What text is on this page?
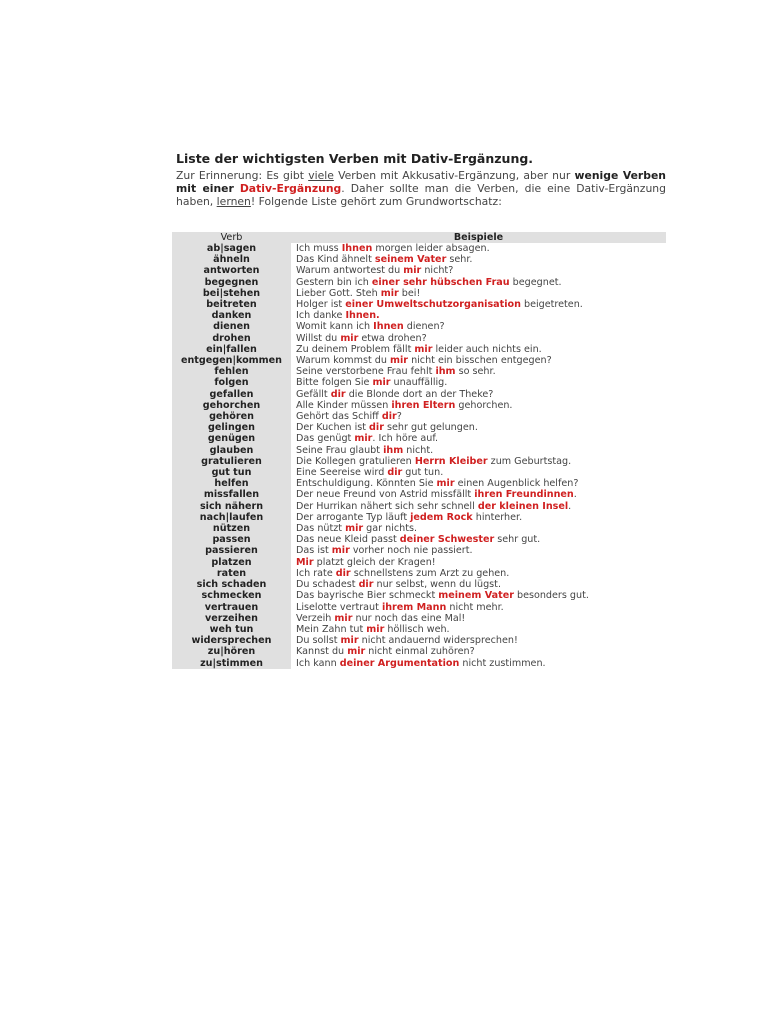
Liste der wichtigsten Verben mit Dativ-Ergänzung.

Zur Erinnerung: Es gibt viele Verben mit Akkusativ-Ergänzung, aber nur wenige Verben mit einer Dativ-Ergänzung. Daher sollte man die Verben, die eine Dativ-Ergänzung haben, lernen! Folgende Liste gehört zum Grundwortschatz:

Verb	Beispiele
ab|sagen	Ich muss Ihnen morgen leider absagen.
ähneln	Das Kind ähnelt seinem Vater sehr.
antworten	Warum antwortest du mir nicht?
begegnen	Gestern bin ich einer sehr hübschen Frau begegnet.
bei|stehen	Lieber Gott. Steh mir bei!
beitreten	Holger ist einer Umweltschutzorganisation beigetreten.
danken	Ich danke Ihnen.
dienen	Womit kann ich Ihnen dienen?
drohen	Willst du mir etwa drohen?
ein|fallen	Zu deinem Problem fällt mir leider auch nichts ein.
entgegen|kommen	Warum kommst du mir nicht ein bisschen entgegen?
fehlen	Seine verstorbene Frau fehlt ihm so sehr.
folgen	Bitte folgen Sie mir unauffällig.
gefallen	Gefällt dir die Blonde dort an der Theke?
gehorchen	Alle Kinder müssen ihren Eltern gehorchen.
gehören	Gehört das Schiff dir?
gelingen	Der Kuchen ist dir sehr gut gelungen.
genügen	Das genügt mir. Ich höre auf.
glauben	Seine Frau glaubt ihm nicht.
gratulieren	Die Kollegen gratulieren Herrn Kleiber zum Geburtstag.
gut tun	Eine Seereise wird dir gut tun.
helfen	Entschuldigung. Könnten Sie mir einen Augenblick helfen?
missfallen	Der neue Freund von Astrid missfällt ihren Freundinnen.
sich nähern	Der Hurrikan nähert sich sehr schnell der kleinen Insel.
nach|laufen	Der arrogante Typ läuft jedem Rock hinterher.
nützen	Das nützt mir gar nichts.
passen	Das neue Kleid passt deiner Schwester sehr gut.
passieren	Das ist mir vorher noch nie passiert.
platzen	Mir platzt gleich der Kragen!
raten	Ich rate dir schnellstens zum Arzt zu gehen.
sich schaden	Du schadest dir nur selbst, wenn du lügst.
schmecken	Das bayrische Bier schmeckt meinem Vater besonders gut.
vertrauen	Liselotte vertraut ihrem Mann nicht mehr.
verzeihen	Verzeih mir nur noch das eine Mal!
weh tun	Mein Zahn tut mir höllisch weh.
widersprechen	Du sollst mir nicht andauernd widersprechen!
zu|hören	Kannst du mir nicht einmal zuhören?
zu|stimmen	Ich kann deiner Argumentation nicht zustimmen.
